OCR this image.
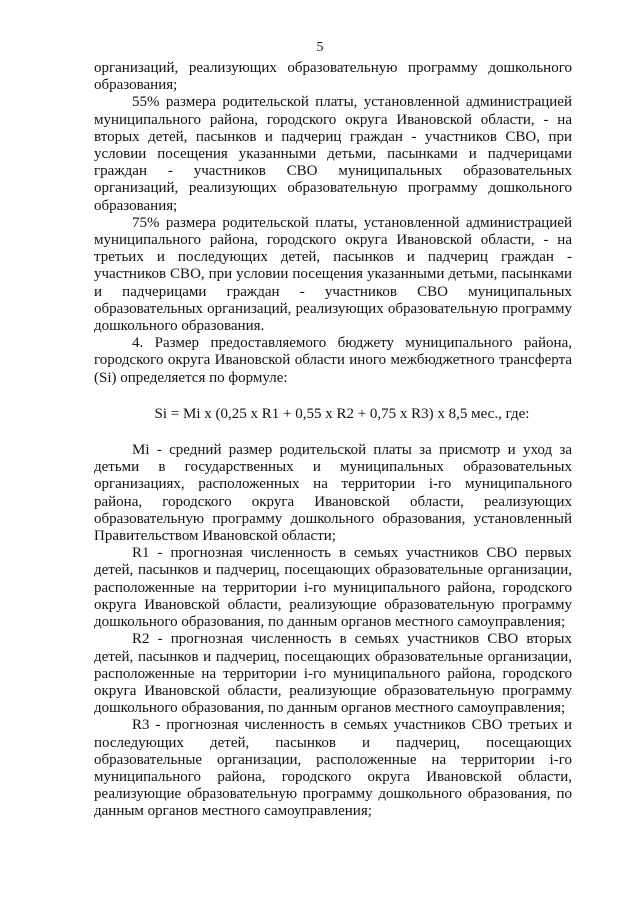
5

организаций, реализующих образовательную программу дошкольного образования;

55% размера родительской платы, установленной администрацией муниципального района, городского округа Ивановской области, - на вторых детей, пасынков и падчериц граждан - участников СВО, при условии посещения указанными детьми, пасынками и падчерицами граждан - участников СВО муниципальных образовательных организаций, реализующих образовательную программу дошкольного образования;

75% размера родительской платы, установленной администрацией муниципального района, городского округа Ивановской области, - на третьих и последующих детей, пасынков и падчериц граждан - участников СВО, при условии посещения указанными детьми, пасынками и падчерицами граждан - участников СВО муниципальных образовательных организаций, реализующих образовательную программу дошкольного образования.

4. Размер предоставляемого бюджету муниципального района, городского округа Ивановской области иного межбюджетного трансферта (Si) определяется по формуле:

Si = Mi x (0,25 x R1 + 0,55 x R2 + 0,75 x R3) x 8,5 мес., где:

Mi - средний размер родительской платы за присмотр и уход за детьми в государственных и муниципальных образовательных организациях, расположенных на территории i-го муниципального района, городского округа Ивановской области, реализующих образовательную программу дошкольного образования, установленный Правительством Ивановской области;

R1 - прогнозная численность в семьях участников СВО первых детей, пасынков и падчериц, посещающих образовательные организации, расположенные на территории i-го муниципального района, городского округа Ивановской области, реализующие образовательную программу дошкольного образования, по данным органов местного самоуправления;

R2 - прогнозная численность в семьях участников СВО вторых детей, пасынков и падчериц, посещающих образовательные организации, расположенные на территории i-го муниципального района, городского округа Ивановской области, реализующие образовательную программу дошкольного образования, по данным органов местного самоуправления;

R3 - прогнозная численность в семьях участников СВО третьих и последующих детей, пасынков и падчериц, посещающих образовательные организации, расположенные на территории i-го муниципального района, городского округа Ивановской области, реализующие образовательную программу дошкольного образования, по данным органов местного самоуправления;
